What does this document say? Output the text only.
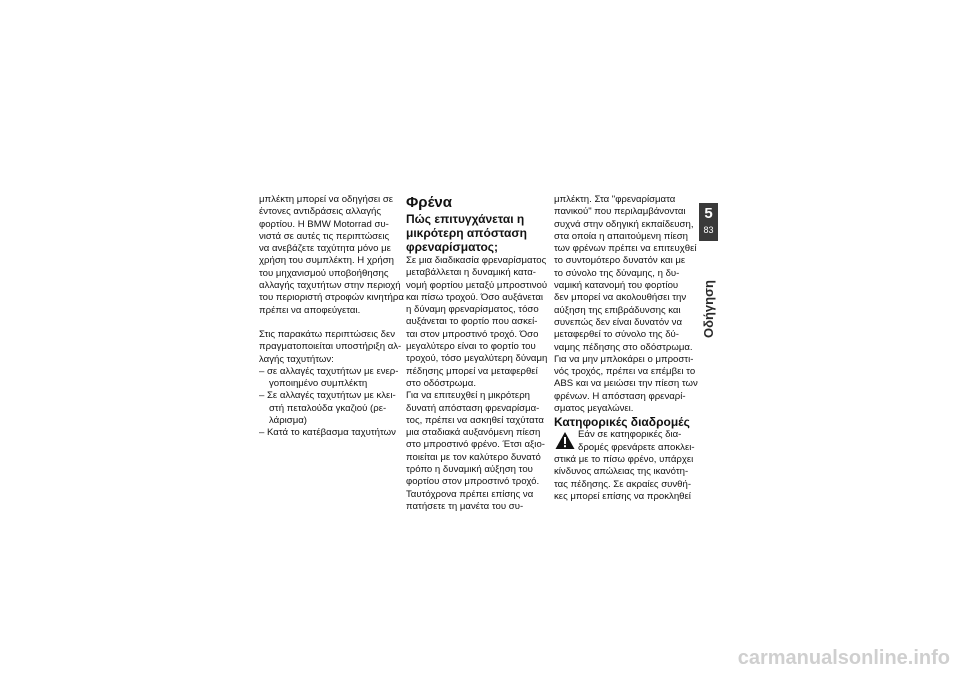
μπλέκτη μπορεί να οδηγήσει σε

έντονες αντιδράσεις αλλαγής

φορτίου. Η BMW Motorrad συ-

νιστά σε αυτές τις περιπτώσεις

να ανεβάζετε ταχύτητα μόνο με

χρήση του συμπλέκτη. Η χρήση

του μηχανισμού υποβοήθησης

αλλαγής ταχυτήτων στην περιοχή

του περιοριστή στροφών κινητήρα

πρέπει να αποφεύγεται.

Στις παρακάτω περιπτώσεις δεν

πραγματοποιείται υποστήριξη αλ-

λαγής ταχυτήτων:

– σε αλλαγές ταχυτήτων με ενερ-

γοποιημένο συμπλέκτη

– Σε αλλαγές ταχυτήτων με κλει-

στή πεταλούδα γκαζιού (ρε-

λάρισμα)

– Κατά το κατέβασμα ταχυτήτων

Φρένα

Πώς επιτυγχάνεται η
μικρότερη απόσταση
φρεναρίσματος;

Σε μια διαδικασία φρεναρίσματος

μεταβάλλεται η δυναμική κατα-

νομή φορτίου μεταξύ μπροστινού

και πίσω τροχού. Όσο αυξάνεται

η δύναμη φρεναρίσματος, τόσο

αυξάνεται το φορτίο που ασκεί-

ται στον μπροστινό τροχό. Όσο

μεγαλύτερο είναι το φορτίο του

τροχού, τόσο μεγαλύτερη δύναμη

πέδησης μπορεί να μεταφερθεί

στο οδόστρωμα.

Για να επιτευχθεί η μικρότερη

δυνατή απόσταση φρεναρίσμα-

τος, πρέπει να ασκηθεί ταχύτατα

μια σταδιακά αυξανόμενη πίεση

στο μπροστινό φρένο. Έτσι αξιο-

ποιείται με τον καλύτερο δυνατό

τρόπο η δυναμική αύξηση του

φορτίου στον μπροστινό τροχό.

Ταυτόχρονα πρέπει επίσης να

πατήσετε τη μανέτα του συ-

μπλέκτη. Στα "φρεναρίσματα

πανικού" που περιλαμβάνονται

συχνά στην οδηγική εκπαίδευση,

στα οποία η απαιτούμενη πίεση

των φρένων πρέπει να επιτευχθεί

το συντομότερο δυνατόν και με

το σύνολο της δύναμης, η δυ-

ναμική κατανομή του φορτίου

δεν μπορεί να ακολουθήσει την

αύξηση της επιβράδυνσης και

συνεπώς δεν είναι δυνατόν να

μεταφερθεί το σύνολο της δύ-

ναμης πέδησης στο οδόστρωμα.

Για να μην μπλοκάρει ο μπροστι-

νός τροχός, πρέπει να επέμβει το

ABS και να μειώσει την πίεση των

φρένων. Η απόσταση φρεναρί-

σματος μεγαλώνει.

Κατηφορικές διαδρομές

Εάν σε κατηφορικές δια-

δρομές φρενάρετε αποκλει-

στικά με το πίσω φρένο, υπάρχει

κίνδυνος απώλειας της ικανότη-

τας πέδησης. Σε ακραίες συνθή-

κες μπορεί επίσης να προκληθεί

5
83
Οδήγηση
carmanualsonline.info
